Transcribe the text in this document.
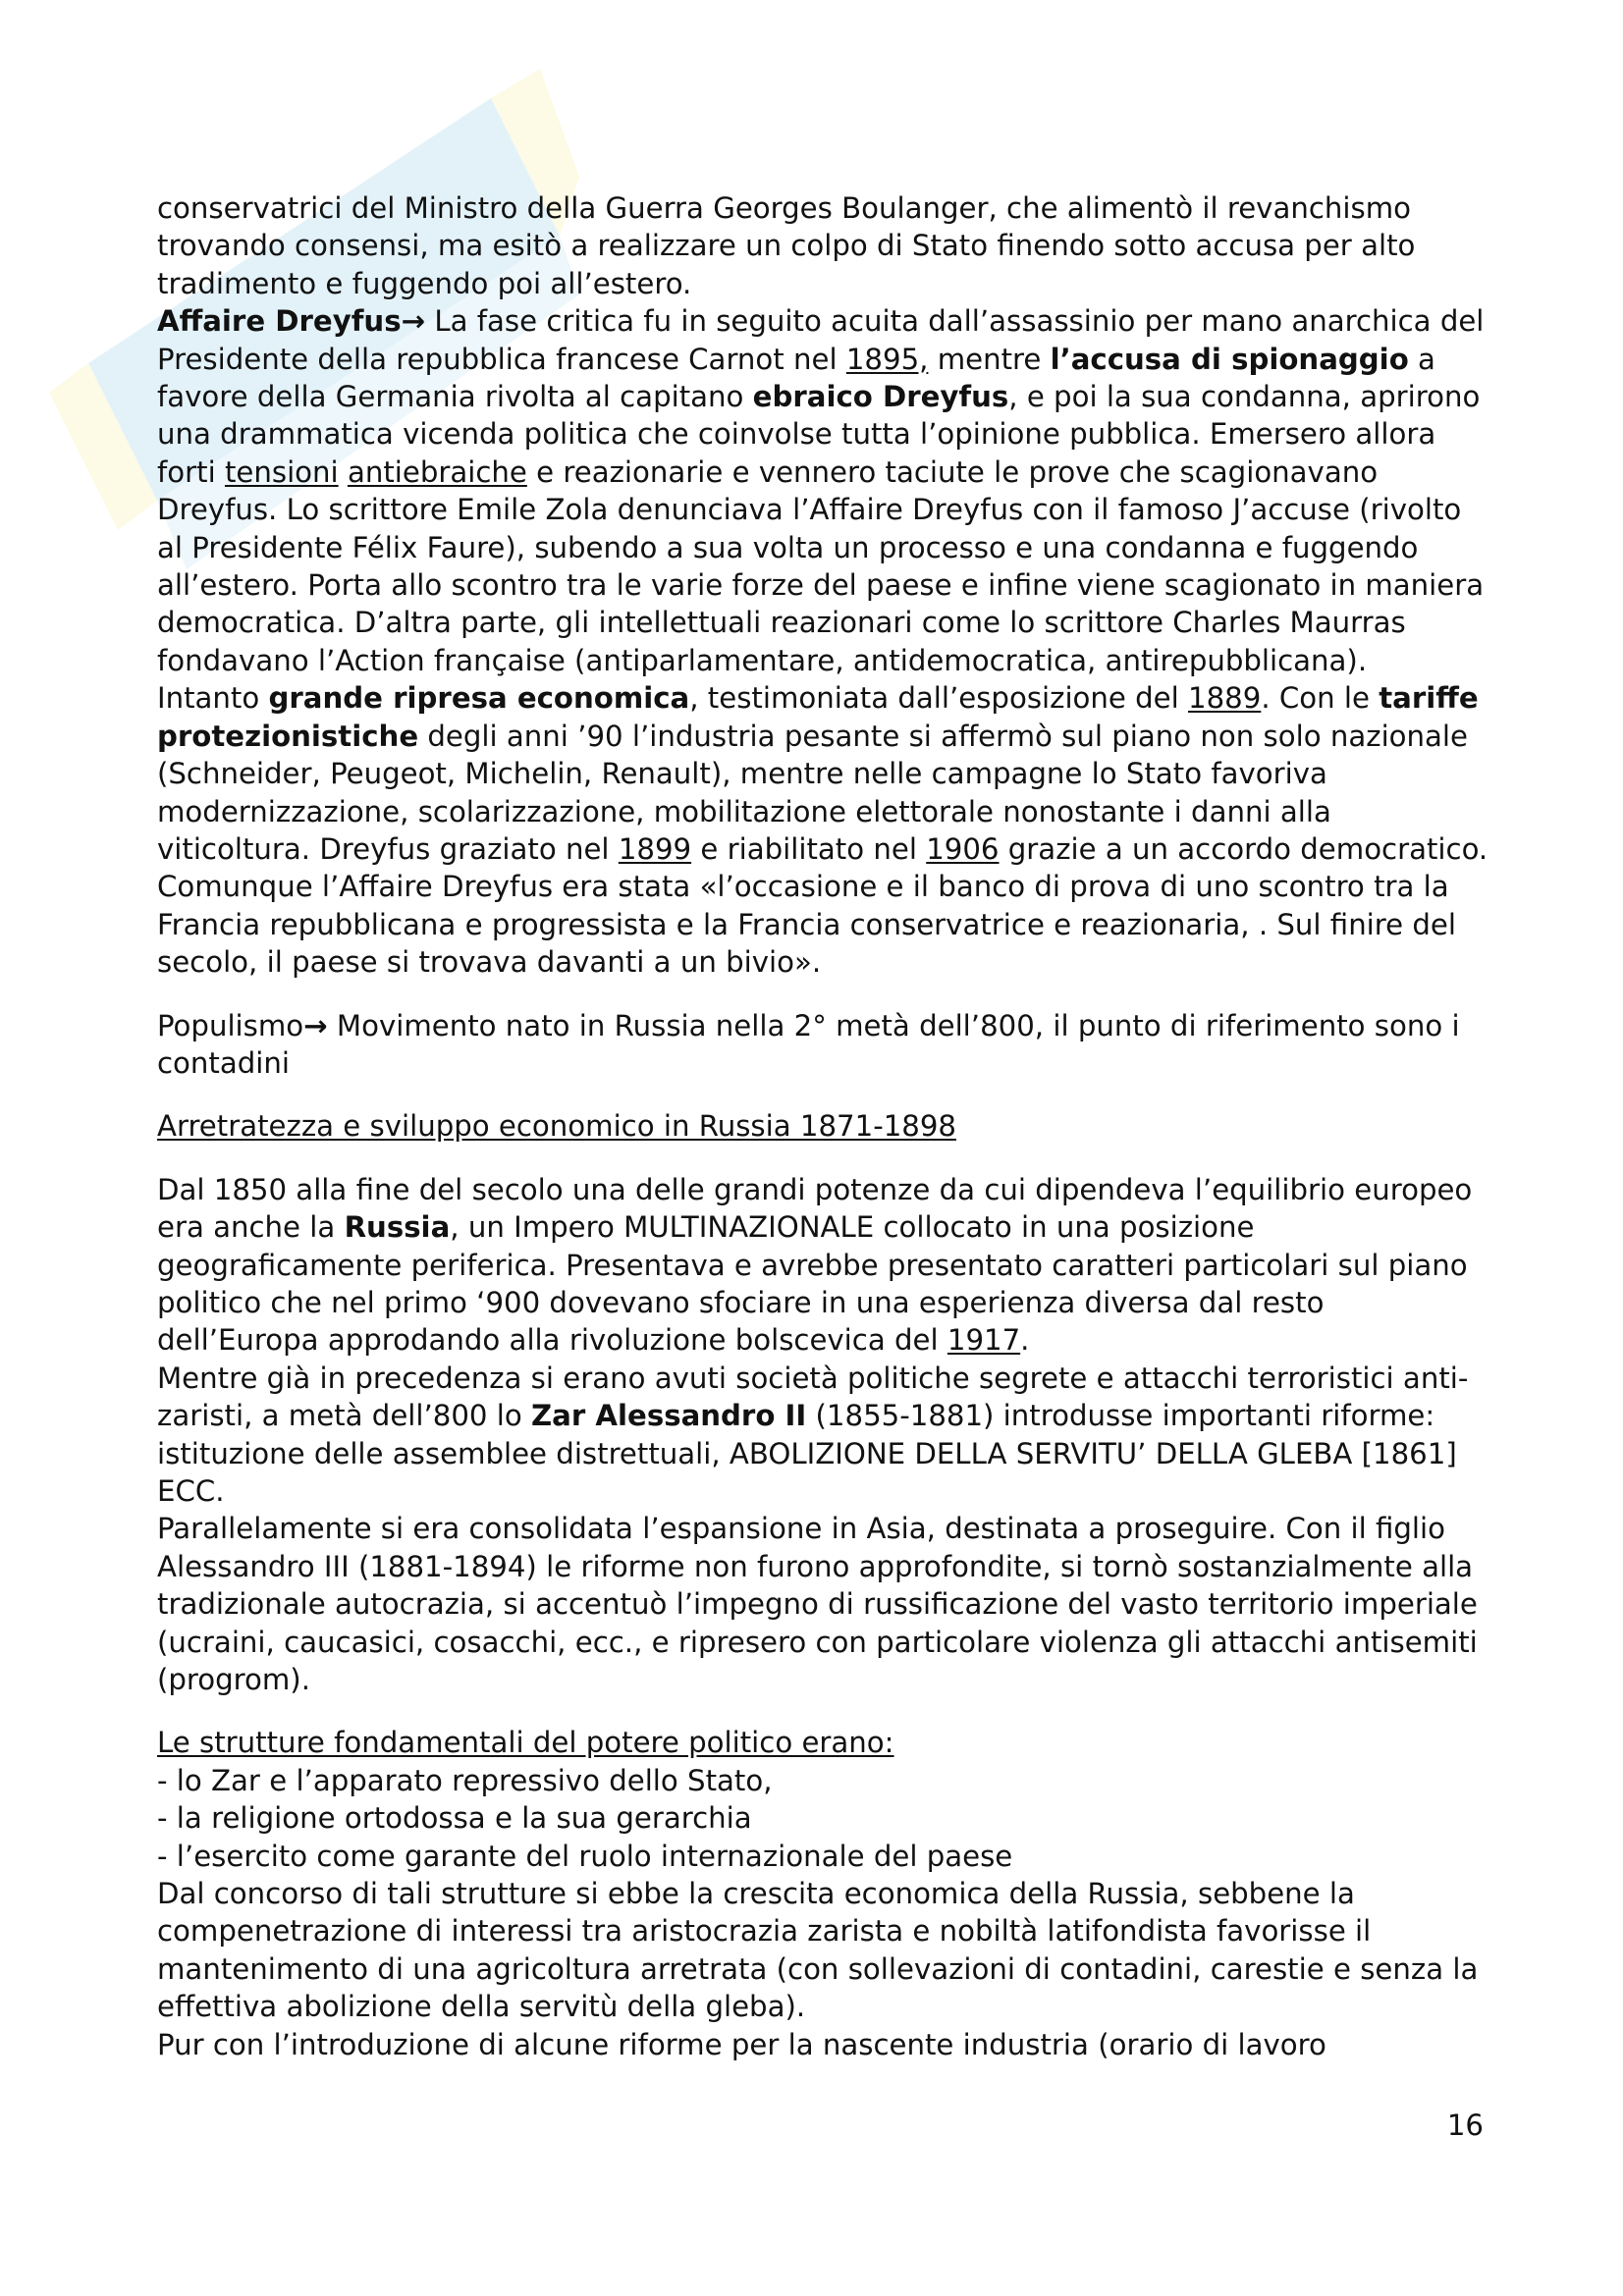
conservatrici del Ministro della Guerra Georges Boulanger, che alimentò il revanchismo trovando consensi, ma esitò a realizzare un colpo di Stato finendo sotto accusa per alto tradimento e fuggendo poi all’estero.

Affaire Dreyfus→ La fase critica fu in seguito acuita dall’assassinio per mano anarchica del Presidente della repubblica francese Carnot nel 1895, mentre l’accusa di spionaggio a favore della Germania rivolta al capitano ebraico Dreyfus, e poi la sua condanna, aprirono una drammatica vicenda politica che coinvolse tutta l’opinione pubblica. Emersero allora forti tensioni antiebraiche e reazionarie e vennero taciute le prove che scagionavano Dreyfus. Lo scrittore Emile Zola denunciava l’Affaire Dreyfus con il famoso J’accuse (rivolto al Presidente Félix Faure), subendo a sua volta un processo e una condanna e fuggendo all’estero. Porta allo scontro tra le varie forze del paese e infine viene scagionato in maniera democratica. D’altra parte, gli intellettuali reazionari come lo scrittore Charles Maurras fondavano l’Action française (antiparlamentare, antidemocratica, antirepubblicana).

Intanto grande ripresa economica, testimoniata dall’esposizione del 1889. Con le tariffe protezionistiche degli anni ’90 l’industria pesante si affermò sul piano non solo nazionale (Schneider, Peugeot, Michelin, Renault), mentre nelle campagne lo Stato favoriva modernizzazione, scolarizzazione, mobilitazione elettorale nonostante i danni alla viticoltura. Dreyfus graziato nel 1899 e riabilitato nel 1906 grazie a un accordo democratico. Comunque l’Affaire Dreyfus era stata «l’occasione e il banco di prova di uno scontro tra la Francia repubblicana e progressista e la Francia conservatrice e reazionaria, . Sul finire del secolo, il paese si trovava davanti a un bivio».

Populismo→ Movimento nato in Russia nella 2° metà dell’800, il punto di riferimento sono i contadini

Arretratezza e sviluppo economico in Russia 1871-1898

Dal 1850 alla fine del secolo una delle grandi potenze da cui dipendeva l’equilibrio europeo era anche la Russia, un Impero MULTINAZIONALE collocato in una posizione geograficamente periferica. Presentava e avrebbe presentato caratteri particolari sul piano politico che nel primo ‘900 dovevano sfociare in una esperienza diversa dal resto dell’Europa approdando alla rivoluzione bolscevica del 1917.

Mentre già in precedenza si erano avuti società politiche segrete e attacchi terroristici anti-zaristi, a metà dell’800 lo Zar Alessandro II (1855-1881) introdusse importanti riforme: istituzione delle assemblee distrettuali, ABOLIZIONE DELLA SERVITU’ DELLA GLEBA [1861] ECC.

Parallelamente si era consolidata l’espansione in Asia, destinata a proseguire. Con il figlio Alessandro III (1881-1894) le riforme non furono approfondite, si tornò sostanzialmente alla tradizionale autocrazia, si accentuò l’impegno di russificazione del vasto territorio imperiale (ucraini, caucasici, cosacchi, ecc., e ripresero con particolare violenza gli attacchi antisemiti (progrom).

Le strutture fondamentali del potere politico erano:

- lo Zar e l’apparato repressivo dello Stato,

- la religione ortodossa e la sua gerarchia

- l’esercito come garante del ruolo internazionale del paese

Dal concorso di tali strutture si ebbe la crescita economica della Russia, sebbene la compenetrazione di interessi tra aristocrazia zarista e nobiltà latifondista favorisse il mantenimento di una agricoltura arretrata (con sollevazioni di contadini, carestie e senza la effettiva abolizione della servitù della gleba).

Pur con l’introduzione di alcune riforme per la nascente industria (orario di lavoro

16
